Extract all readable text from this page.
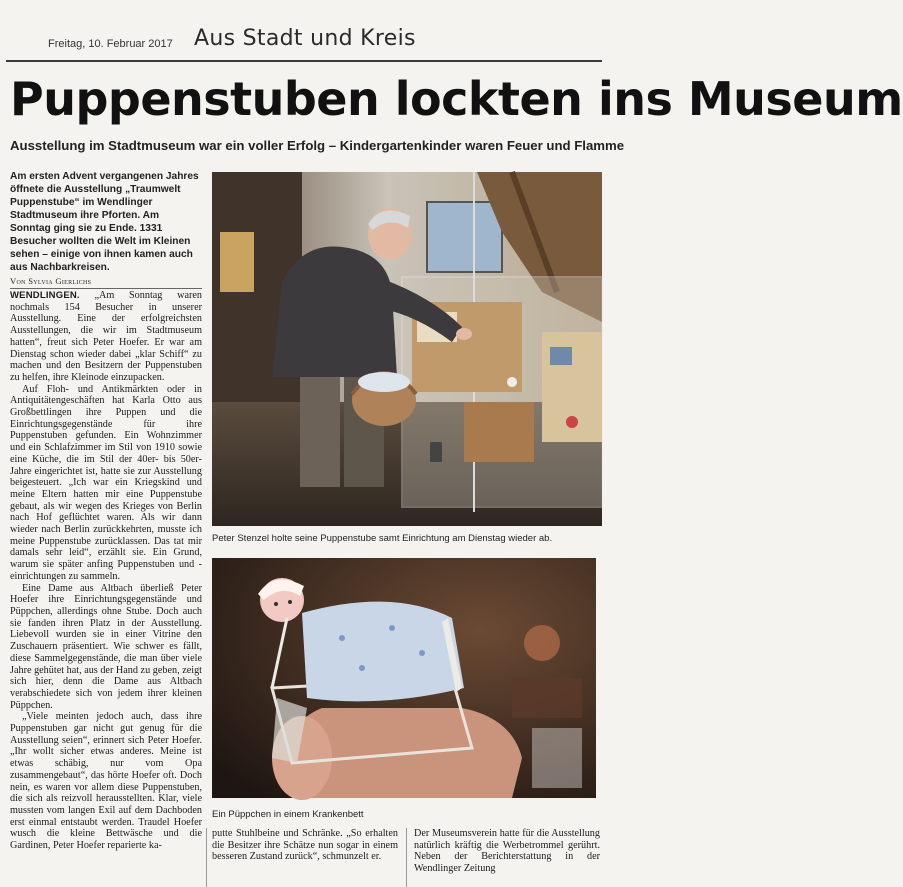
Freitag, 10. Februar 2017 Aus Stadt und Kreis
Puppenstuben lockten ins Museum
Ausstellung im Stadtmuseum war ein voller Erfolg – Kindergartenkinder waren Feuer und Flamme
Am ersten Advent vergangenen Jahres öffnete die Ausstellung „Traumwelt Puppenstube“ im Wendlinger Stadtmuseum ihre Pforten. Am Sonntag ging sie zu Ende. 1331 Besucher wollten die Welt im Kleinen sehen – einige von ihnen kamen auch aus Nachbarkreisen.
Von Sylvia Gierlichs

WENDLINGEN. „Am Sonntag waren nochmals 154 Besucher in unserer Ausstellung. Eine der erfolgreichsten Ausstellungen, die wir im Stadtmuseum hatten“, freut sich Peter Hoefer. Er war am Dienstag schon wieder dabei „klar Schiff“ zu machen und den Besitzern der Puppenstuben zu helfen, ihre Kleinode einzupacken.

Auf Floh- und Antikmärkten oder in Antiquitätengeschäften hat Karla Otto aus Großbettlingen ihre Puppen und die Einrichtungsgegenstände für ihre Puppenstuben gefunden. Ein Wohnzimmer und ein Schlafzimmer im Stil von 1910 sowie eine Küche, die im Stil der 40er- bis 50er-Jahre eingerichtet ist, hatte sie zur Ausstellung beigesteuert. „Ich war ein Kriegskind und meine Eltern hatten mir eine Puppenstube gebaut, als wir wegen des Krieges von Berlin nach Hof geflüchtet waren. Als wir dann wieder nach Berlin zurückkehrten, musste ich meine Puppenstube zurücklassen. Das tat mir damals sehr leid“, erzählt sie. Ein Grund, warum sie später anfing Puppenstuben und -einrichtungen zu sammeln.

Eine Dame aus Altbach überließ Peter Hoefer ihre Einrichtungsgegenstände und Püppchen, allerdings ohne Stube. Doch auch sie fanden ihren Platz in der Ausstellung. Liebevoll wurden sie in einer Vitrine den Zuschauern präsentiert. Wie schwer es fällt, diese Sammelgegenstände, die man über viele Jahre gehütet hat, aus der Hand zu geben, zeigt sich hier, denn die Dame aus Altbach verabschiedete sich von jedem ihrer kleinen Püppchen.

„Viele meinten jedoch auch, dass ihre Puppenstuben gar nicht gut genug für die Ausstellung seien“, erinnert sich Peter Hoefer. „Ihr wollt sicher etwas anderes. Meine ist etwas schäbig, nur vom Opa zusammengebaut“, das hörte Hoefer oft. Doch nein, es waren vor allem diese Puppenstuben, die sich als reizvoll herausstellten. Klar, viele mussten vom langen Exil auf dem Dachboden erst einmal entstaubt werden. Traudel Hoefer wusch die kleine Bettwäsche und die Gardinen, Peter Hoefer reparierte ka-

Peter Stenzel holte seine Puppenstube samt Einrichtung am Dienstag wieder ab.
Ein Püppchen in einem Krankenbett
putte Stuhlbeine und Schränke. „So erhalten die Besitzer ihre Schätze nun sogar in einem besseren Zustand zurück“, schmunzelt er.
Der Museumsverein hatte für die Ausstellung natürlich kräftig die Werbetrommel gerührt. Neben der Berichterstattung in der Wendlinger Zeitung
